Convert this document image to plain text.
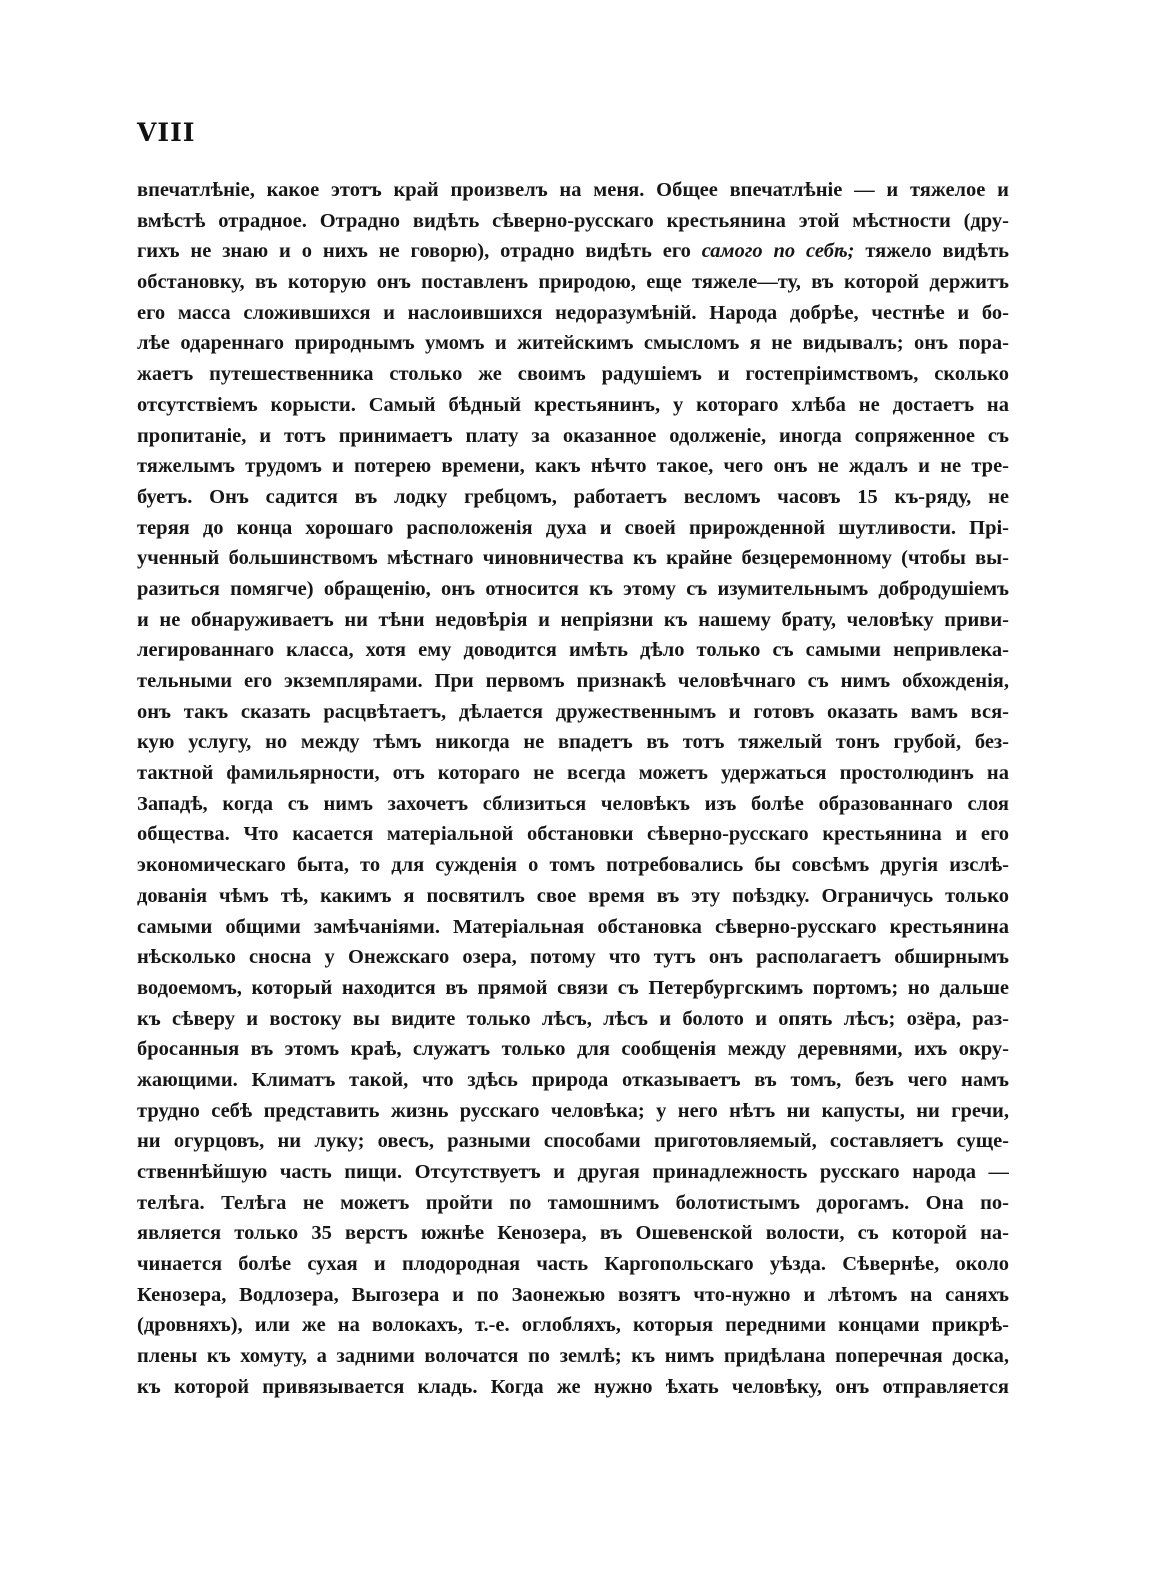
VIII
впечатлѣніе, какое этотъ край произвелъ на меня. Общее впечатлѣніе — и тяжелое и
вмѣстѣ отрадное. Отрадно видѣть сѣверно-русскаго крестьянина этой мѣстности (дру-
гихъ не знаю и о нихъ не говорю), отрадно видѣть его самого по себѣ; тяжело видѣть
обстановку, въ которую онъ поставленъ природою, еще тяжеле—ту, въ которой держитъ
его масса сложившихся и наслоившихся недоразумѣній. Народа добрѣе, честнѣе и бо-
лѣе одареннаго природнымъ умомъ и житейскимъ смысломъ я не видывалъ; онъ пора-
жаетъ путешественника столько же своимъ радушіемъ и гостепріимствомъ, сколько
отсутствіемъ корысти. Самый бѣдный крестьянинъ, у котораго хлѣба не достаетъ на
пропитаніе, и тотъ принимаетъ плату за оказанное одолженіе, иногда сопряженное съ
тяжелымъ трудомъ и потерею времени, какъ нѣчто такое, чего онъ не ждалъ и не тре-
буетъ. Онъ садится въ лодку гребцомъ, работаетъ весломъ часовъ 15 къ-ряду, не
теряя до конца хорошаго расположенія духа и своей прирожденной шутливости. Прі-
ученный большинствомъ мѣстнаго чиновничества къ крайне безцеремонному (чтобы вы-
разиться помягче) обращенію, онъ относится къ этому съ изумительнымъ добродушіемъ
и не обнаруживаетъ ни тѣни недовѣрія и непріязни къ нашему брату, человѣку приви-
легированнаго класса, хотя ему доводится имѣть дѣло только съ самыми непривлека-
тельными его экземплярами. При первомъ признакѣ человѣчнаго съ нимъ обхожденія,
онъ такъ сказать расцвѣтаетъ, дѣлается дружественнымъ и готовъ оказать вамъ вся-
кую услугу, но между тѣмъ никогда не впадетъ въ тотъ тяжелый тонъ грубой, без-
тактной фамильярности, отъ котораго не всегда можетъ удержаться простолюдинъ на
Западѣ, когда съ нимъ захочетъ сблизиться человѣкъ изъ болѣе образованнаго слоя
общества. Что касается матеріальной обстановки сѣверно-русскаго крестьянина и его
экономическаго быта, то для сужденія о томъ потребовались бы совсѣмъ другія изслѣ-
дованія чѣмъ тѣ, какимъ я посвятилъ свое время въ эту поѣздку. Ограничусь только
самыми общими замѣчаніями. Матеріальная обстановка сѣверно-русскаго крестьянина
нѣсколько сносна у Онежскаго озера, потому что тутъ онъ располагаетъ обширнымъ
водоемомъ, который находится въ прямой связи съ Петербургскимъ портомъ; но дальше
къ сѣверу и востоку вы видите только лѣсъ, лѣсъ и болото и опять лѣсъ; озёра, раз-
бросанныя въ этомъ краѣ, служатъ только для сообщенія между деревнями, ихъ окру-
жающими. Климатъ такой, что здѣсь природа отказываетъ въ томъ, безъ чего намъ
трудно себѣ представить жизнь русскаго человѣка; у него нѣтъ ни капусты, ни гречи,
ни огурцовъ, ни луку; овесъ, разными способами приготовляемый, составляетъ суще-
ственнѣйшую часть пищи. Отсутствуетъ и другая принадлежность русскаго народа —
телѣга. Телѣга не можетъ пройти по тамошнимъ болотистымъ дорогамъ. Она по-
является только 35 верстъ южнѣе Кенозера, въ Ошевенской волости, съ которой на-
чинается болѣе сухая и плодородная часть Каргопольскаго уѣзда. Сѣвернѣе, около
Кенозера, Водлозера, Выгозера и по Заонежью возятъ что-нужно и лѣтомъ на саняхъ
(дровняхъ), или же на волокахъ, т.-е. оглобляхъ, которыя передними концами прикрѣ-
плены къ хомуту, а задними волочатся по землѣ; къ нимъ придѣлана поперечная доска,
къ которой привязывается кладь. Когда же нужно ѣхать человѣку, онъ отправляется
